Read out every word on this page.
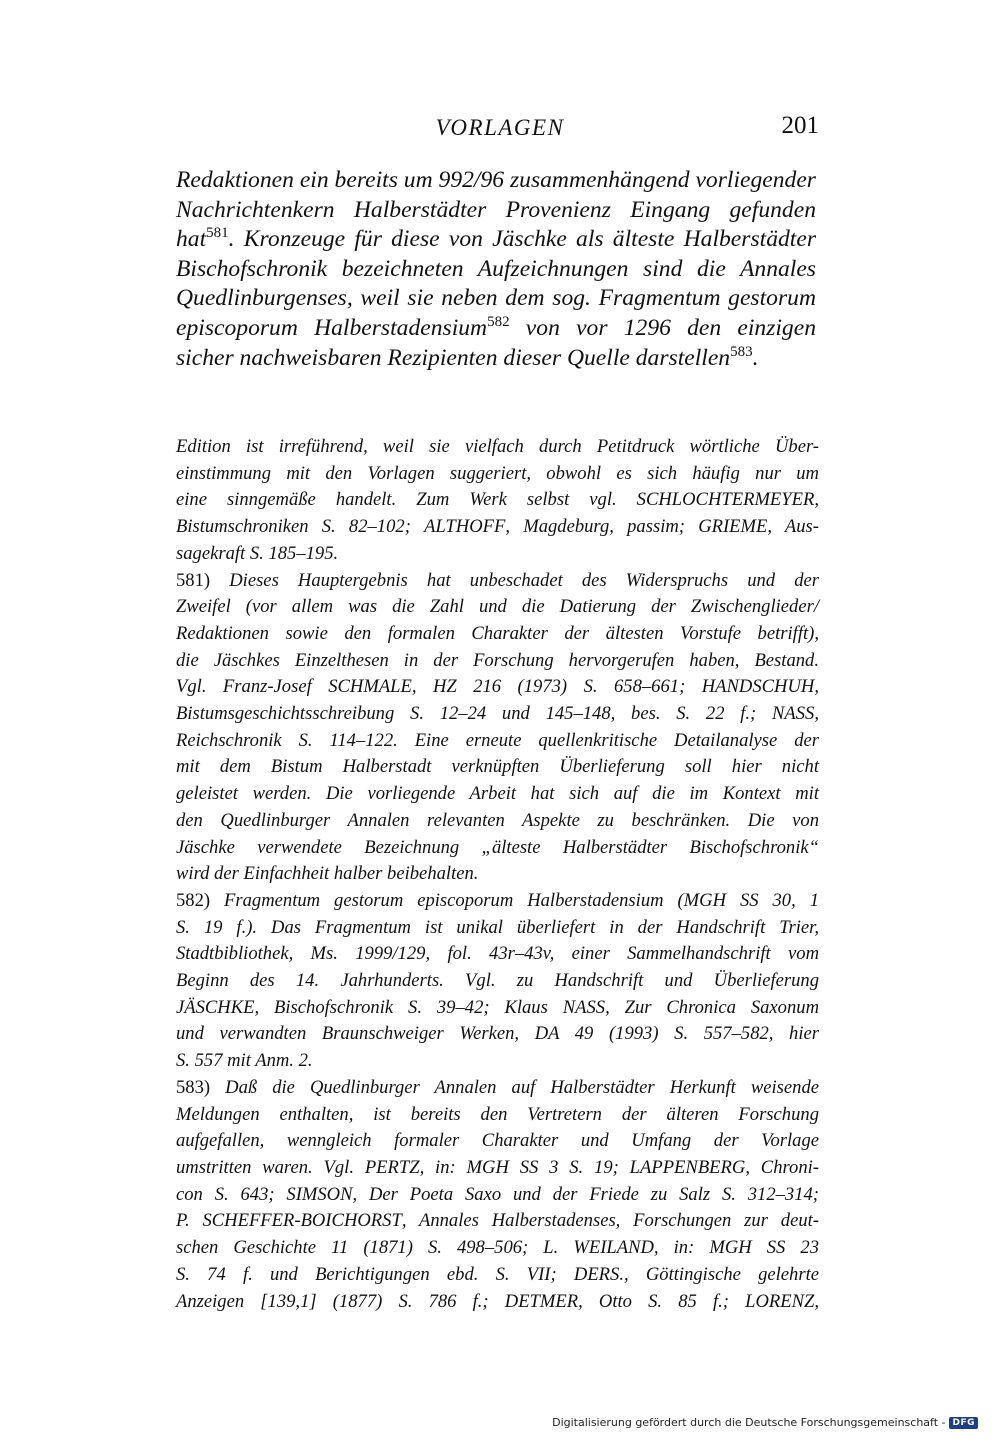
VORLAGEN	201
Redaktionen ein bereits um 992/96 zusammenhängend vorliegender
Nachrichtenkern Halberstädter Provenienz Eingang gefunden
hat$^{581}$. Kronzeuge für diese von Jäschke als älteste Halberstädter
Bischofschronik bezeichneten Aufzeichnungen sind die Annales
Quedlinburgenses, weil sie neben dem sog. Fragmentum gestorum
episcoporum Halberstadensium$^{582}$ von vor 1296 den einzigen
sicher nachweisbaren Rezipienten dieser Quelle darstellen$^{583}$.
Edition ist irreführend, weil sie vielfach durch Petitdruck wörtliche Über-
einstimmung mit den Vorlagen suggeriert, obwohl es sich häufig nur um
eine sinngemäße handelt. Zum Werk selbst vgl. SCHLOCHTERMEYER,
Bistumschroniken S. 82–102; ALTHOFF, Magdeburg, passim; GRIEME, Aus-
sagekraft S. 185–195.
581) Dieses Hauptergebnis hat unbeschadet des Widerspruchs und der
Zweifel (vor allem was die Zahl und die Datierung der Zwischenglieder/
Redaktionen sowie den formalen Charakter der ältesten Vorstufe betrifft),
die Jäschkes Einzelthesen in der Forschung hervorgerufen haben, Bestand.
Vgl. Franz-Josef SCHMALE, HZ 216 (1973) S. 658–661; HANDSCHUH,
Bistumsgeschichtsschreibung S. 12–24 und 145–148, bes. S. 22 f.; NASS,
Reichschronik S. 114–122. Eine erneute quellenkritische Detailanalyse der
mit dem Bistum Halberstadt verknüpften Überlieferung soll hier nicht
geleistet werden. Die vorliegende Arbeit hat sich auf die im Kontext mit
den Quedlinburger Annalen relevanten Aspekte zu beschränken. Die von
Jäschke verwendete Bezeichnung „älteste Halberstädter Bischofschronik“
wird der Einfachheit halber beibehalten.
582) Fragmentum gestorum episcoporum Halberstadensium (MGH SS 30, 1
S. 19 f.). Das Fragmentum ist unikal überliefert in der Handschrift Trier,
Stadtbibliothek, Ms. 1999/129, fol. 43r–43v, einer Sammelhandschrift vom
Beginn des 14. Jahrhunderts. Vgl. zu Handschrift und Überlieferung
JÄSCHKE, Bischofschronik S. 39–42; Klaus NASS, Zur Chronica Saxonum
und verwandten Braunschweiger Werken, DA 49 (1993) S. 557–582, hier
S. 557 mit Anm. 2.
583) Daß die Quedlinburger Annalen auf Halberstädter Herkunft weisende
Meldungen enthalten, ist bereits den Vertretern der älteren Forschung
aufgefallen, wenngleich formaler Charakter und Umfang der Vorlage
umstritten waren. Vgl. PERTZ, in: MGH SS 3 S. 19; LAPPENBERG, Chroni-
con S. 643; SIMSON, Der Poeta Saxo und der Friede zu Salz S. 312–314;
P. SCHEFFER-BOICHORST, Annales Halberstadenses, Forschungen zur deut-
schen Geschichte 11 (1871) S. 498–506; L. WEILAND, in: MGH SS 23
S. 74 f. und Berichtigungen ebd. S. VII; DERS., Göttingische gelehrte
Anzeigen [139,1] (1877) S. 786 f.; DETMER, Otto S. 85 f.; LORENZ,
Digitalisierung gefördert durch die Deutsche Forschungsgemeinschaft - DFG
